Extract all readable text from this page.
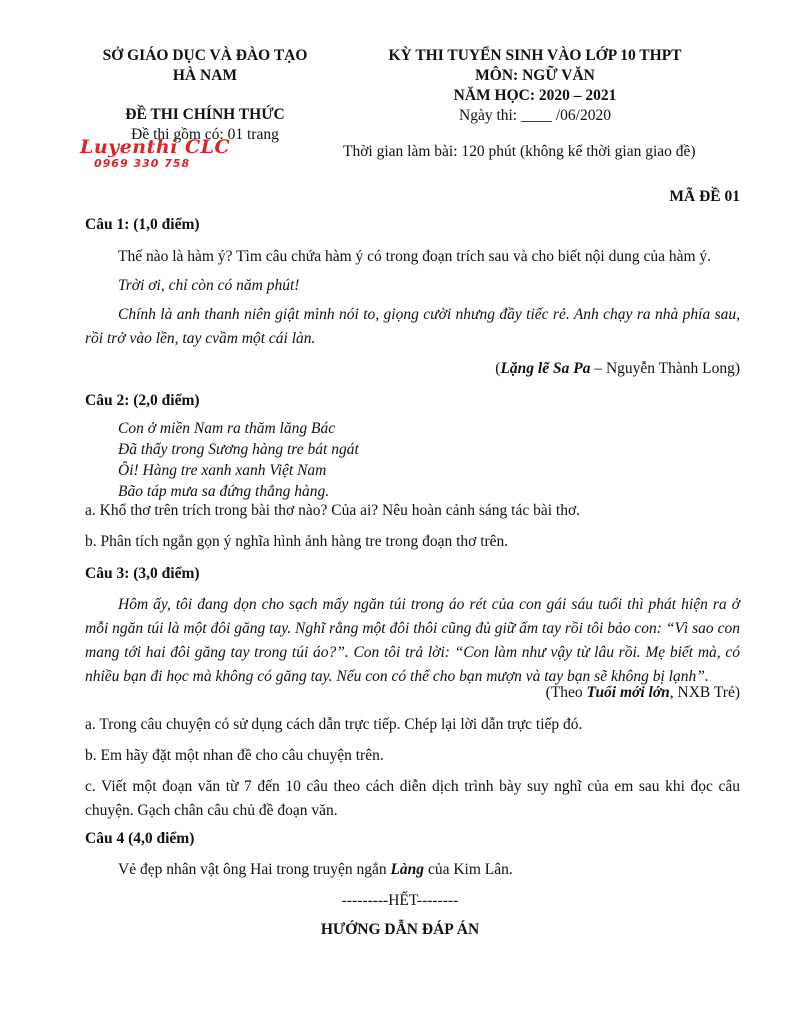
SỞ GIÁO DỤC VÀ ĐÀO TẠO
HÀ NAM
ĐỀ THI CHÍNH THỨC
Đề thi gồm có: 01 trang
Luyenthi CLC
0969 330 758
KỲ THI TUYỂN SINH VÀO LỚP 10 THPT
MÔN: NGỮ VĂN
NĂM HỌC: 2020 – 2021
Ngày thi: ____ /06/2020
Thời gian làm bài: 120 phút (không kể thời gian giao đề)
MÃ ĐỀ 01
Câu 1: (1,0 điểm)
Thế nào là hàm ý? Tìm câu chứa hàm ý có trong đoạn trích sau và cho biết nội dung của hàm ý.
Trời ơi, chỉ còn có năm phút!
Chính là anh thanh niên giật mình nói to, giọng cười nhưng đầy tiếc rẻ. Anh chạy ra nhà phía sau, rồi trở vào lền, tay cvầm một cái làn.
(Lặng lẽ Sa Pa – Nguyễn Thành Long)
Câu 2: (2,0 điểm)
Con ở miền Nam ra thăm lăng Bác
Đã thấy trong Sương hàng tre bát ngát
Ôi! Hàng tre xanh xanh Việt Nam
Bão táp mưa sa đứng thẳng hàng.
a. Khổ thơ trên trích trong bài thơ nào? Của ai? Nêu hoàn cảnh sáng tác bài thơ.
b. Phân tích ngắn gọn ý nghĩa hình ảnh hàng tre trong đoạn thơ trên.
Câu 3: (3,0 điểm)
Hôm ấy, tôi đang dọn cho sạch mấy ngăn túi trong áo rét của con gái sáu tuổi thì phát hiện ra ở mỗi ngăn túi là một đôi găng tay. Nghĩ rằng một đôi thôi cũng đủ giữ ấm tay rồi tôi bảo con: “Vì sao con mang tới hai đôi găng tay trong túi áo?”. Con tôi trả lời: “Con làm như vậy từ lâu rồi. Mẹ biết mà, có nhiều bạn đi học mà không có găng tay. Nếu con có thể cho bạn mượn và tay bạn sẽ không bị lạnh”.
(Theo Tuổi mới lớn, NXB Trẻ)
a. Trong câu chuyện có sử dụng cách dẫn trực tiếp. Chép lại lời dẫn trực tiếp đó.
b. Em hãy đặt một nhan đề cho câu chuyện trên.
c. Viết một đoạn văn từ 7 đến 10 câu theo cách diễn dịch trình bày suy nghĩ của em sau khi đọc câu chuyện. Gạch chân câu chủ đề đoạn văn.
Câu 4 (4,0 điểm)
Vẻ đẹp nhân vật ông Hai trong truyện ngắn Làng của Kim Lân.
---------HẾT--------
HƯỚNG DẪN ĐÁP ÁN
